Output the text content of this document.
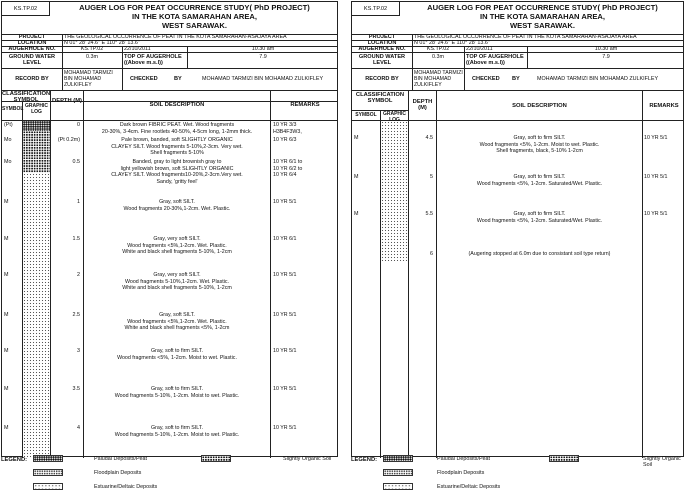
KS.TP.02	AUGER LOG FOR PEAT OCCURRENCE STUDY( PhD PROJECT)
IN THE KOTA SAMARAHAN AREA,
WEST SARAWAK.
PROJECT	THE GEOLOGICAL OCCURRENCE OF PEAT IN THE KOTA SAMARAHAN-ASAJAYA AREA
LOCATION	N 01° 28' 24.6" E 110° 28' 13.6"
AUGERHOLE NO.	KS.TP.02	22/10/2011	10.30 am
GROUND WATER LEVEL
0.3m	TOP OF AUGERHOLE ((Above m.s.l))
7.9
RECORD BY
MOHAMAD TARMIZI BIN MOHAMAD ZULKIFLEY
CHECKED	BY	MOHAMAD TARMIZI BIN MOHAMAD ZULKIFLEY
CLASSIFICATION SYMBOL
SYMBOL GRAPHIC LOG
DEPTH (M)
SOIL DESCRIPTION	REMARKS
(Pt)	0	Dark brown FIBRIC PEAT. Wet. Wood fragments
20-30%, 3-4cm. Fine rootlets 40-50%, 4-5cm long, 1-2mm thick.
10 YR 3/3
H3B4F3W3,
Mo	(Pt 0.2m)	Pale brown, banded, soft SLIGHTLY ORGANIC
CLAYEY SILT. Wood fragments 5-10%,2-3cm. Very wet.
Shell fragments 5-10%
10 YR 6/3
Mo	0.5	Banded, gray to light brownish gray to
light yellowish brown, soft SLIGHTLY ORGANIC
CLAYEY SILT. Wood fragments10-20%,2-3cm.Very wet.
Sandy, 'gritty feel'
10 YR 6/1 to
10 YR 6/2 to
10 YR 6/4
M	1	Gray, soft SILT.
Wood fragments 20-30%,1-2cm. Wet. Plastic.
10 YR 5/1
M	1.5	Gray, very soft SILT.
Wood fragments <5%,1-2cm. Wet. Plastic.
White and black shell fragments 5-10%, 1-2cm
10 YR 6/1
M	2	Gray, very soft SILT.
Wood fragments 5-10%,1-2cm. Wet. Plastic.
White and black shell fragments 5-10%, 1-2cm
10 YR 5/1
M	2.5	Gray, soft SILT.
Wood fragments <5%,1-2cm. Wet. Plastic.
White and black shell fragments <5%, 1-2cm
10 YR 5/1
M	3	Gray, soft to firm SILT.
Wood fragments <5%, 1-2cm. Moist to wet. Plastic.
10 YR 5/1
M	3.5	Gray, soft to firm SILT.
Wood fragments 5-10%, 1-2cm. Moist to wet. Plastic.
10 YR 5/1
M	4	Gray, soft to firm SILT.
Wood fragments 5-10%, 1-2cm. Moist to wet. Plastic.
10 YR 5/1
LEGEND:	Paludal Deposits/Peat	Slightly Organic Soil
Floodplain Deposits
Estuarine/Deltaic Deposits
KS.TP.02	AUGER LOG FOR PEAT OCCURRENCE STUDY( PhD PROJECT)
IN THE KOTA SAMARAHAN AREA,
WEST SARAWAK.
PROJECT	THE GEOLOGICAL OCCURRENCE OF PEAT IN THE KOTA SAMARAHAN-ASAJAYA AREA
LOCATION	N 01° 28' 24.6" E 110° 28' 13.6"
AUGERHOLE NO.	KS.TP.02	22/10/2011	10.30 am
GROUND WATER LEVEL
0.3m	TOP OF AUGERHOLE ((Above m.s.l))
7.9
RECORD BY
MOHAMAD TARMIZI BIN MOHAMAD ZULKIFLEY
CHECKED BY	MOHAMAD TARMIZI BIN MOHAMAD ZULKIFLEY
CLASSIFICATION SYMBOL
SYMBOL	GRAPHIC
DEPTH (M)	SOIL DESCRIPTION	REMARKS
M	4.5	Gray, soft to firm SILT.
Wood fragments <5%, 1-2cm. Moist to wet. Plastic.
Shell fragments, black, 5-10% 1-2cm
10 YR 5/1
M	5	Gray, soft to firm SILT.
Wood fragments <5%, 1-2cm. Saturated/Wet. Plastic.
10 YR 5/1
M	5.5	Gray, soft to firm SILT.
Wood fragments <5%, 1-2cm. Saturated/Wet. Plastic.
10 YR 5/1
6	(Augering stopped at 6.0m due to consistant soil type return)
LEGEND:	Paludal Deposits/Peat	Slightly Organic Soil
Floodplain Deposits
Estuarine/Deltaic Deposits
